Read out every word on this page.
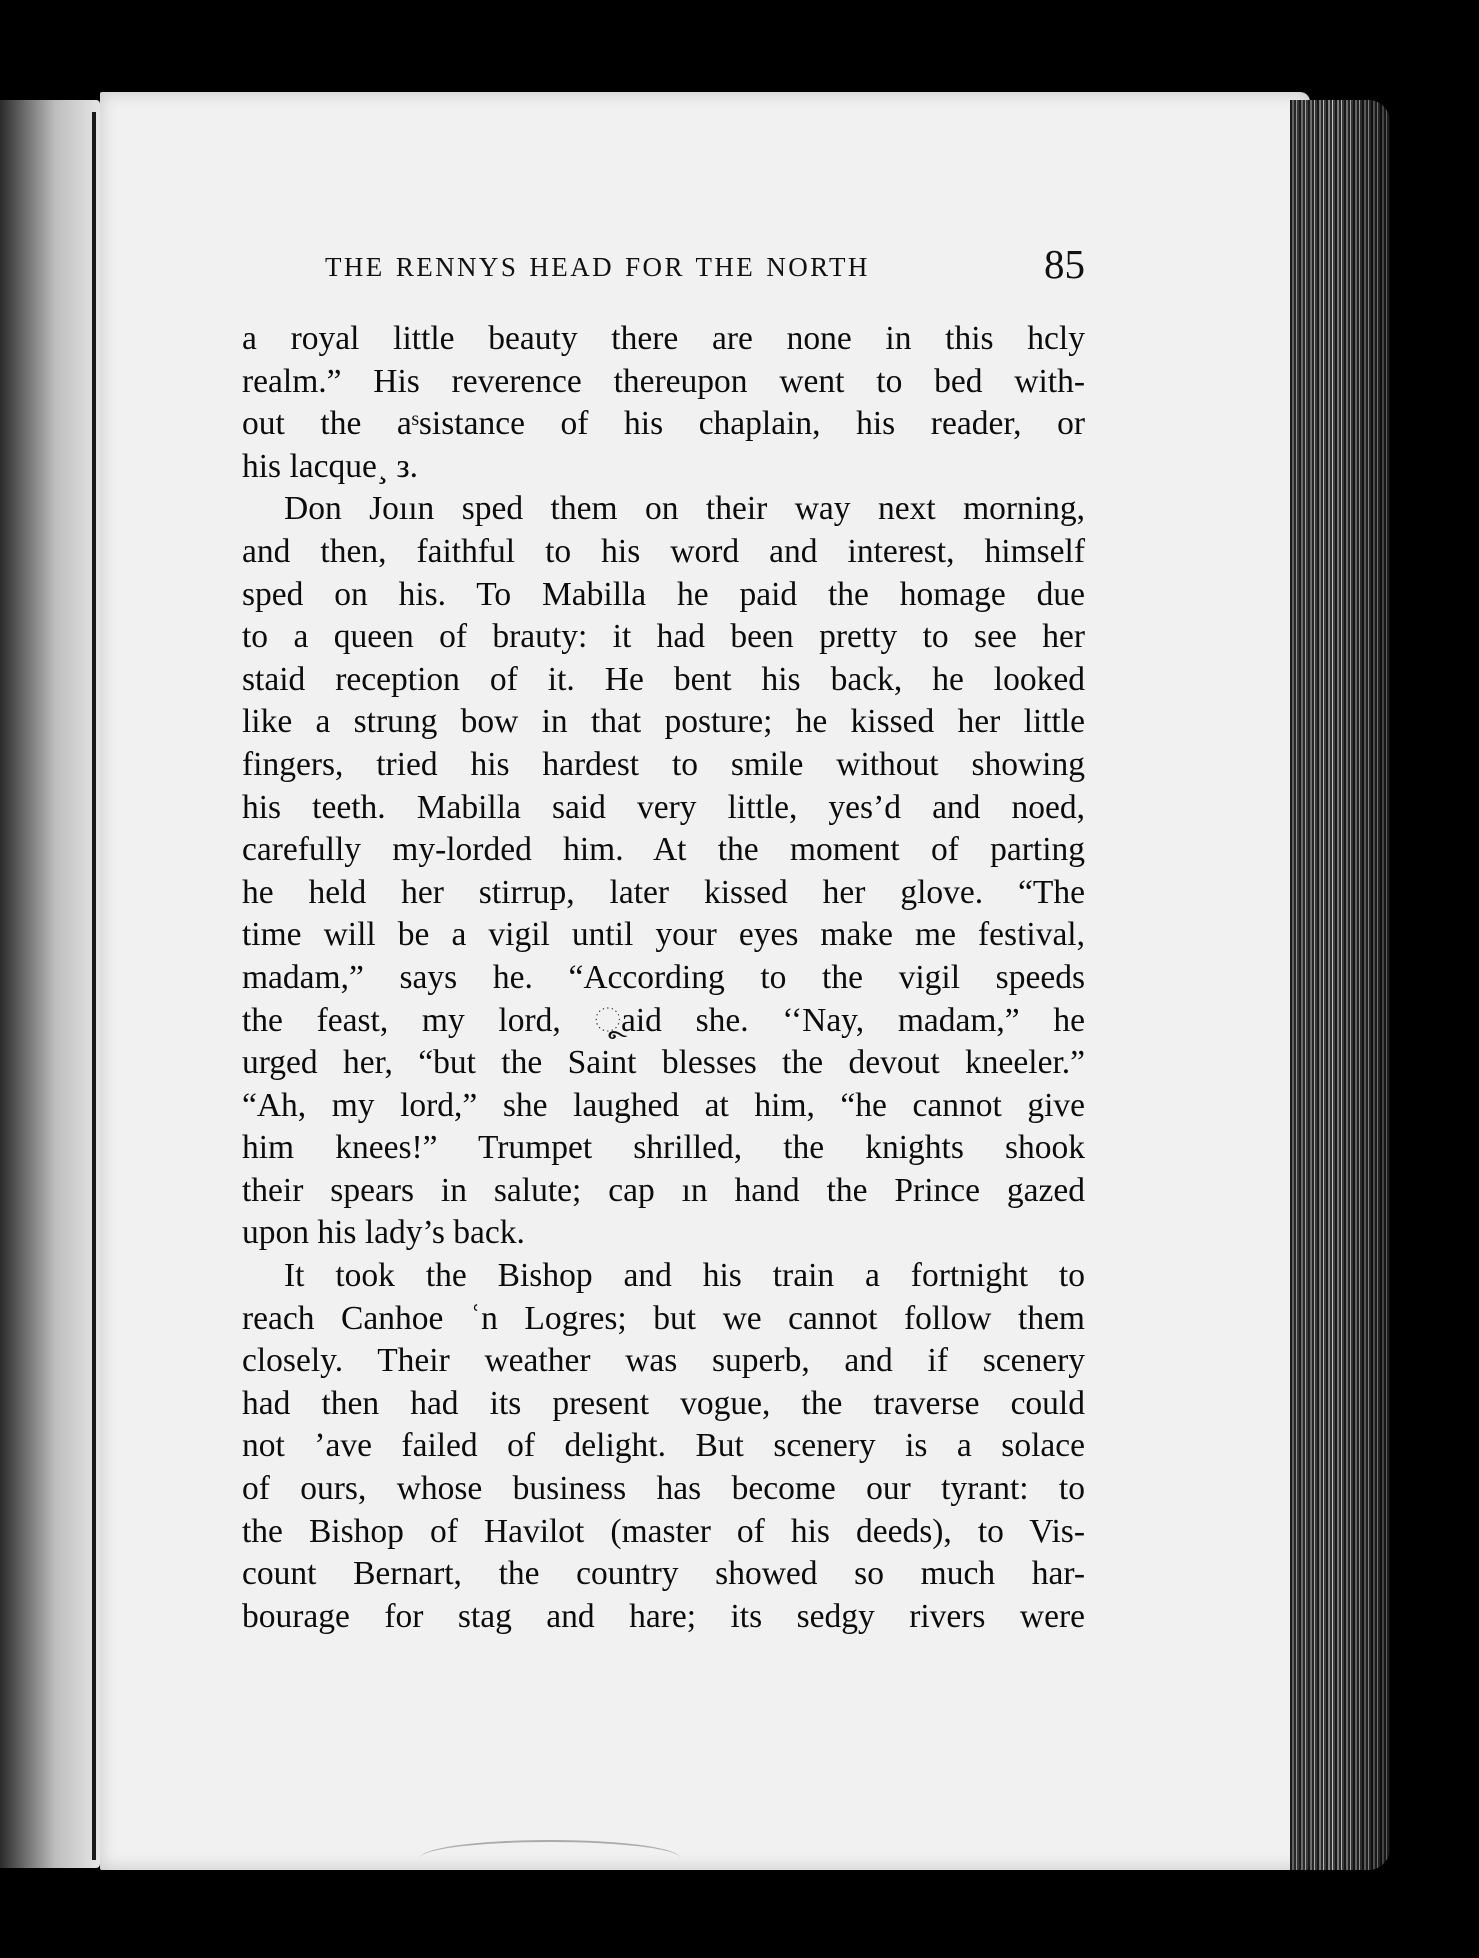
THE RENNYS HEAD FOR THE NORTH	85
a royal little beauty there are none in this hcly
realm.” His reverence thereupon went to bed with-
out the aˢsistance of his chaplain, his reader, or
his lacque¸ з.
Don Joıın sped them on their way next morning,
and then, faithful to his word and interest, himself
sped on his. To Mabilla he paid the homage due
to a queen of brauty: it had been pretty to see her
staid reception of it. He bent his back, he looked
like a strung bow in that posture; he kissed her little
fingers, tried his hardest to smile without showing
his teeth. Mabilla said very little, yes’d and noed,
carefully my-lorded him. At the moment of parting
he held her stirrup, later kissed her glove. “The
time will be a vigil until your eyes make me festival,
madam,” says he. “According to the vigil speeds
the feast, my lord, ૂaid she. ‘‘Nay, madam,” he
urged her, “but the Saint blesses the devout kneeler.”
“Ah, my lord,” she laughed at him, “he cannot give
him knees!” Trumpet shrilled, the knights shook
their spears in salute; cap ın hand the Prince gazed
upon his lady’s back.
It took the Bishop and his train a fortnight to
reach Canhoe ʿn Logres; but we cannot follow them
closely. Their weather was superb, and if scenery
had then had its present vogue, the traverse could
not ʼave failed of delight. But scenery is a solace
of ours, whose business has become our tyrant: to
the Bishop of Havilot (master of his deeds), to Vis-
count Bernart, the country showed so much har-
bourage for stag and hare; its sedgy rivers were
